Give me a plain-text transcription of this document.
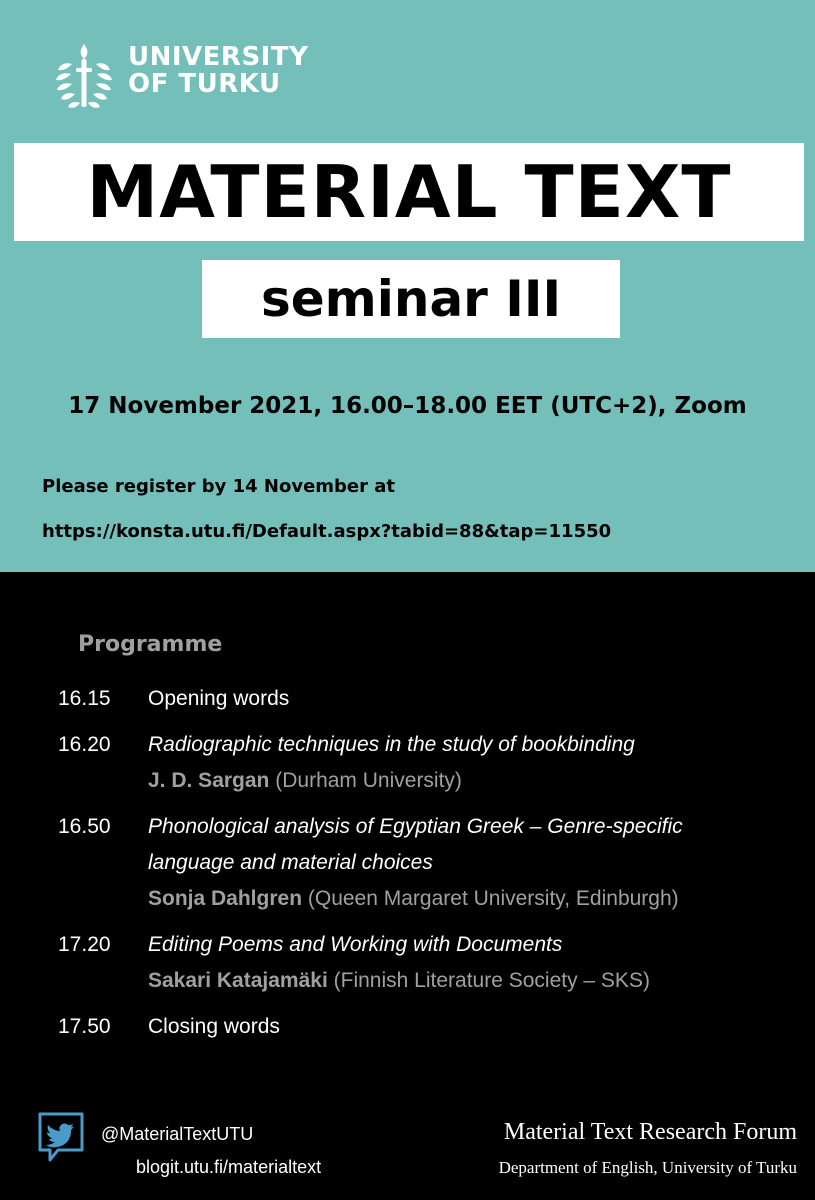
UNIVERSITY
OF TURKU
MATERIAL TEXT
seminar III
17 November 2021, 16.00–18.00 EET (UTC+2), Zoom
Please register by 14 November at
https://konsta.utu.fi/Default.aspx?tabid=88&tap=11550
Programme
16.15 Opening words
16.20 Radiographic techniques in the study of bookbinding
J. D. Sargan (Durham University)
16.50 Phonological analysis of Egyptian Greek – Genre-specific
language and material choices
Sonja Dahlgren (Queen Margaret University, Edinburgh)
17.20 Editing Poems and Working with Documents
Sakari Katajamäki (Finnish Literature Society – SKS)
17.50 Closing words
@MaterialTextUTU
blogit.utu.fi/materialtext
Material Text Research Forum
Department of English, University of Turku
